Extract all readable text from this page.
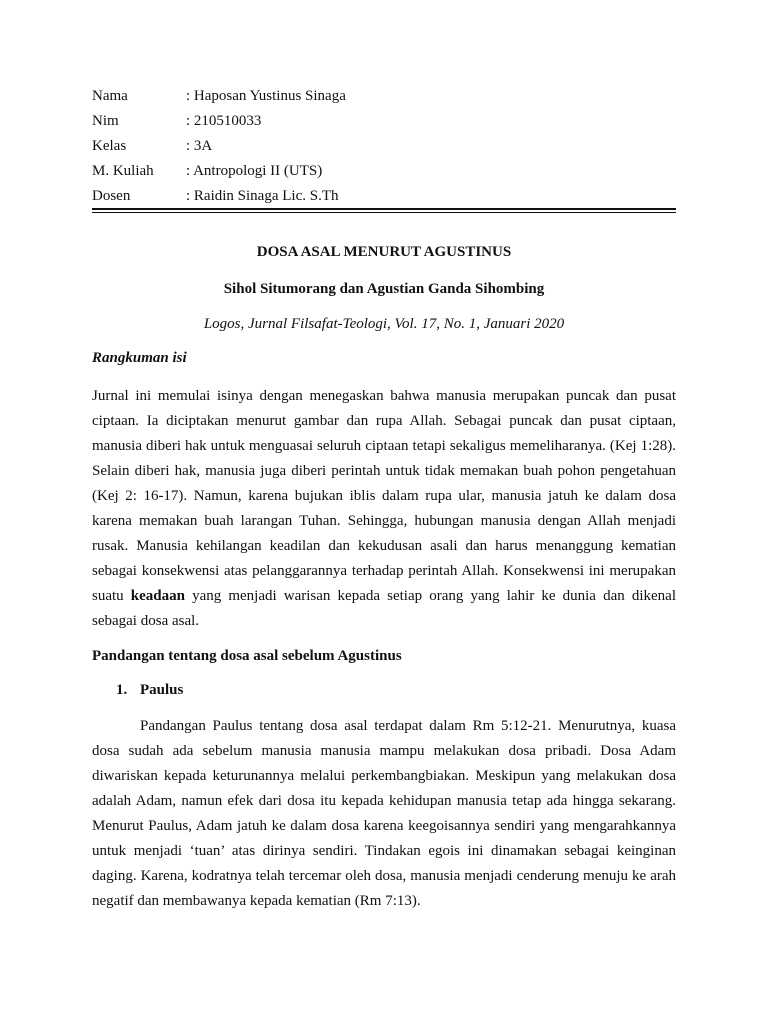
Nama	: Haposan Yustinus Sinaga
Nim	: 210510033
Kelas	: 3A
M. Kuliah	: Antropologi II (UTS)
Dosen	: Raidin Sinaga Lic. S.Th
DOSA ASAL MENURUT AGUSTINUS
Sihol Situmorang dan Agustian Ganda Sihombing
Logos, Jurnal Filsafat-Teologi, Vol. 17, No. 1, Januari 2020
Rangkuman isi

Jurnal ini memulai isinya dengan menegaskan bahwa manusia merupakan puncak dan pusat ciptaan. Ia diciptakan menurut gambar dan rupa Allah. Sebagai puncak dan pusat ciptaan, manusia diberi hak untuk menguasai seluruh ciptaan tetapi sekaligus memeliharanya. (Kej 1:28). Selain diberi hak, manusia juga diberi perintah untuk tidak memakan buah pohon pengetahuan (Kej 2: 16-17). Namun, karena bujukan iblis dalam rupa ular, manusia jatuh ke dalam dosa karena memakan buah larangan Tuhan. Sehingga, hubungan manusia dengan Allah menjadi rusak. Manusia kehilangan keadilan dan kekudusan asali dan harus menanggung kematian sebagai konsekwensi atas pelanggarannya terhadap perintah Allah. Konsekwensi ini merupakan suatu keadaan yang menjadi warisan kepada setiap orang yang lahir ke dunia dan dikenal sebagai dosa asal.

Pandangan tentang dosa asal sebelum Agustinus
1. Paulus

Pandangan Paulus tentang dosa asal terdapat dalam Rm 5:12-21. Menurutnya, kuasa dosa sudah ada sebelum manusia manusia mampu melakukan dosa pribadi. Dosa Adam diwariskan kepada keturunannya melalui perkembangbiakan. Meskipun yang melakukan dosa adalah Adam, namun efek dari dosa itu kepada kehidupan manusia tetap ada hingga sekarang. Menurut Paulus, Adam jatuh ke dalam dosa karena keegoisannya sendiri yang mengarahkannya untuk menjadi ‘tuan’ atas dirinya sendiri. Tindakan egois ini dinamakan sebagai keinginan daging. Karena, kodratnya telah tercemar oleh dosa, manusia menjadi cenderung menuju ke arah negatif dan membawanya kepada kematian (Rm 7:13).
